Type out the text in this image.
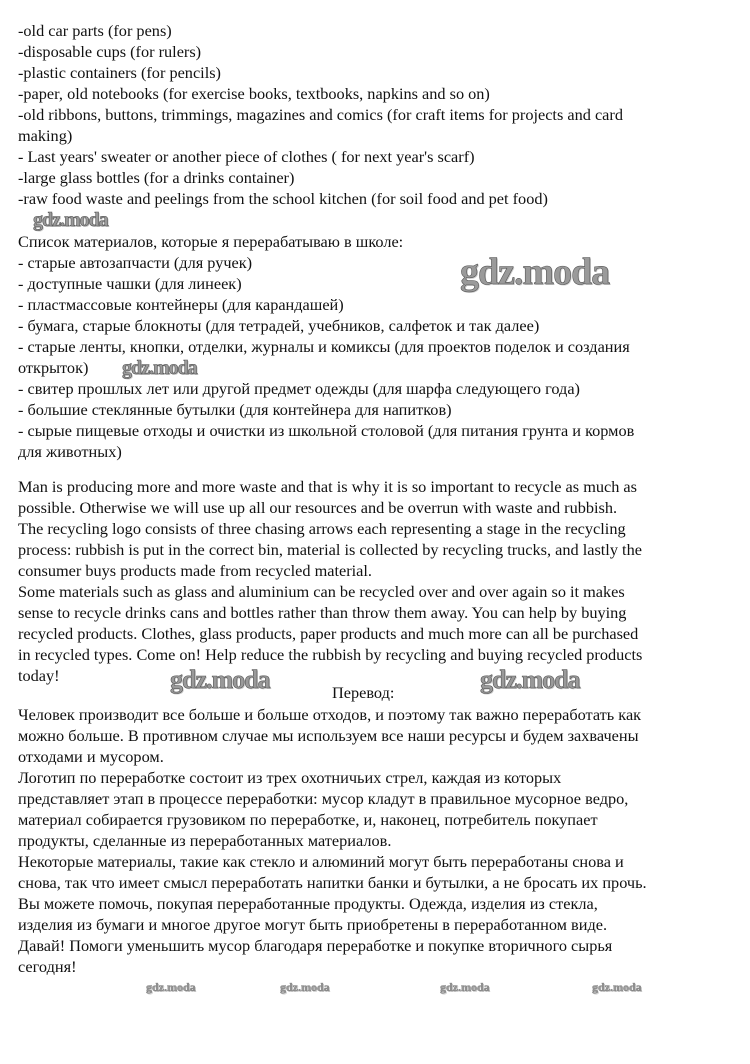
-old car parts (for pens)
-disposable cups (for rulers)
-plastic containers (for pencils)
-paper, old notebooks (for exercise books, textbooks, napkins and so on)
-old ribbons, buttons, trimmings, magazines and comics (for craft items for projects and card
making)
- Last years' sweater or another piece of clothes ( for next year's scarf)
-large glass bottles (for a drinks container)
-raw food waste and peelings from the school kitchen (for soil food and pet food)
Список материалов, которые я перерабатываю в школе:
- старые автозапчасти (для ручек)
- доступные чашки (для линеек)
- пластмассовые контейнеры (для карандашей)
- бумага, старые блокноты (для тетрадей, учебников, салфеток и так далее)
- старые ленты, кнопки, отделки, журналы и комиксы (для проектов поделок и создания
открыток)
- свитер прошлых лет или другой предмет одежды (для шарфа следующего года)
- большие стеклянные бутылки (для контейнера для напитков)
- сырые пищевые отходы и очистки из школьной столовой (для питания грунта и кормов
для животных)
Man is producing more and more waste and that is why it is so important to recycle as much as
possible. Otherwise we will use up all our resources and be overrun with waste and rubbish.
The recycling logo consists of three chasing arrows each representing a stage in the recycling
process: rubbish is put in the correct bin, material is collected by recycling trucks, and lastly the
consumer buys products made from recycled material.
Some materials such as glass and aluminium can be recycled over and over again so it makes
sense to recycle drinks cans and bottles rather than throw them away. You can help by buying
recycled products. Clothes, glass products, paper products and much more can all be purchased
in recycled types. Come on! Help reduce the rubbish by recycling and buying recycled products
today!
Перевод:
Человек производит все больше и больше отходов, и поэтому так важно переработать как
можно больше. В противном случае мы используем все наши ресурсы и будем захвачены
отходами и мусором.
Логотип по переработке состоит из трех охотничьих стрел, каждая из которых
представляет этап в процессе переработки: мусор кладут в правильное мусорное ведро,
материал собирается грузовиком по переработке, и, наконец, потребитель покупает
продукты, сделанные из переработанных материалов.
Некоторые материалы, такие как стекло и алюминий могут быть переработаны снова и
снова, так что имеет смысл переработать напитки банки и бутылки, а не бросать их прочь.
Вы можете помочь, покупая переработанные продукты. Одежда, изделия из стекла,
изделия из бумаги и многое другое могут быть приобретены в переработанном виде.
Давай! Помоги уменьшить мусор благодаря переработке и покупке вторичного сырья
сегодня!
gdz.moda
gdz.moda
gdz.moda
gdz.moda	gdz.moda
gdz.moda	gdz.moda	gdz.moda	gdz.moda
